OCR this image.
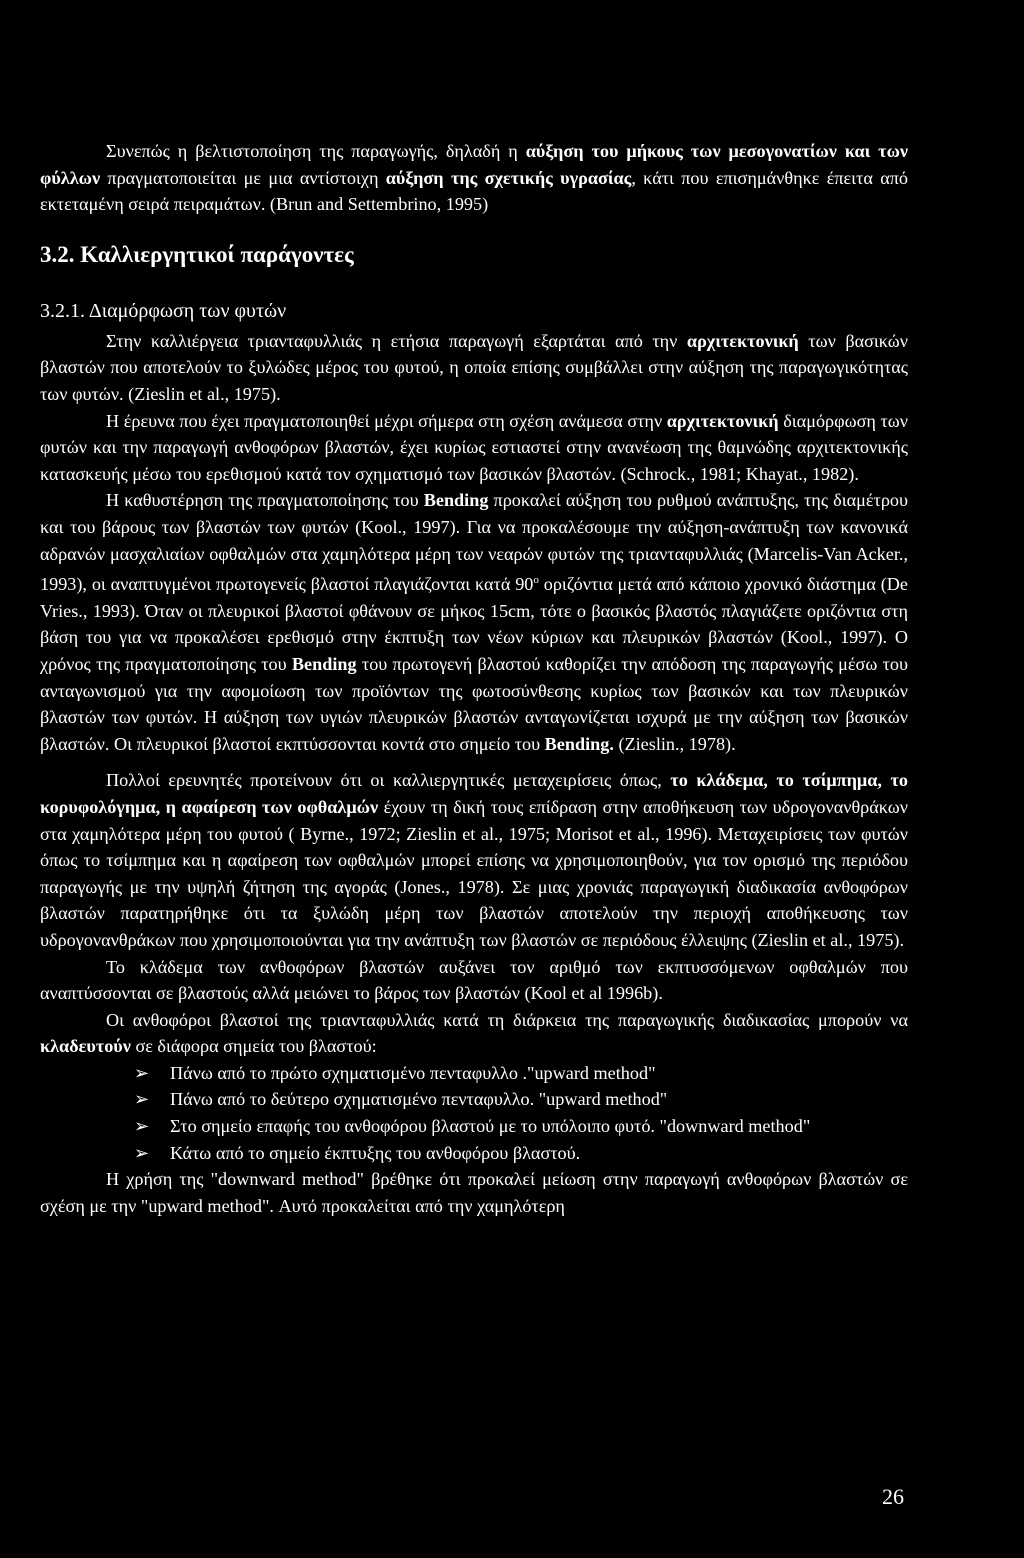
Συνεπώς η βελτιστοποίηση της παραγωγής, δηλαδή η αύξηση του μήκους των μεσογονατίων και των φύλλων πραγματοποιείται με μια αντίστοιχη αύξηση της σχετικής υγρασίας, κάτι που επισημάνθηκε έπειτα από εκτεταμένη σειρά πειραμάτων. (Brun and Settembrino, 1995)

3.2. Καλλιεργητικοί παράγοντες
3.2.1. Διαμόρφωση των φυτών

Στην καλλιέργεια τριανταφυλλιάς η ετήσια παραγωγή εξαρτάται από την αρχιτεκτονική των βασικών βλαστών που αποτελούν το ξυλώδες μέρος του φυτού, η οποία επίσης συμβάλλει στην αύξηση της παραγωγικότητας των φυτών. (Zieslin et al., 1975).

Η έρευνα που έχει πραγματοποιηθεί μέχρι σήμερα στη σχέση ανάμεσα στην αρχιτεκτονική διαμόρφωση των φυτών και την παραγωγή ανθοφόρων βλαστών, έχει κυρίως εστιαστεί στην ανανέωση της θαμνώδης αρχιτεκτονικής κατασκευής μέσω του ερεθισμού κατά τον σχηματισμό των βασικών βλαστών. (Schrock., 1981; Khayat., 1982).

Η καθυστέρηση της πραγματοποίησης του Bending προκαλεί αύξηση του ρυθμού ανάπτυξης, της διαμέτρου και του βάρους των βλαστών των φυτών (Kool., 1997). Για να προκαλέσουμε την αύξηση-ανάπτυξη των κανονικά αδρανών μασχαλιαίων οφθαλμών στα χαμηλότερα μέρη των νεαρών φυτών της τριανταφυλλιάς (Marcelis-Van Acker., 1993), οι αναπτυγμένοι πρωτογενείς βλαστοί πλαγιάζονται κατά 90$^o$ οριζόντια μετά από κάποιο χρονικό διάστημα (De Vries., 1993). Όταν οι πλευρικοί βλαστοί φθάνουν σε μήκος 15cm, τότε ο βασικός βλαστός πλαγιάζετε οριζόντια στη βάση του για να προκαλέσει ερεθισμό στην έκπτυξη των νέων κύριων και πλευρικών βλαστών (Kool., 1997). Ο χρόνος της πραγματοποίησης του Bending του πρωτογενή βλαστού καθορίζει την απόδοση της παραγωγής μέσω του ανταγωνισμού για την αφομοίωση των προϊόντων της φωτοσύνθεσης κυρίως των βασικών και των πλευρικών βλαστών των φυτών. Η αύξηση των υγιών πλευρικών βλαστών ανταγωνίζεται ισχυρά με την αύξηση των βασικών βλαστών. Οι πλευρικοί βλαστοί εκπτύσσονται κοντά στο σημείο του Bending. (Zieslin., 1978).

Πολλοί ερευνητές προτείνουν ότι οι καλλιεργητικές μεταχειρίσεις όπως, το κλάδεμα, το τσίμπημα, το κορυφολόγημα, η αφαίρεση των οφθαλμών έχουν τη δική τους επίδραση στην αποθήκευση των υδρογονανθράκων στα χαμηλότερα μέρη του φυτού ( Byrne., 1972; Zieslin et al., 1975; Morisot et al., 1996). Μεταχειρίσεις των φυτών όπως το τσίμπημα και η αφαίρεση των οφθαλμών μπορεί επίσης να χρησιμοποιηθούν, για τον ορισμό της περιόδου παραγωγής με την υψηλή ζήτηση της αγοράς (Jones., 1978). Σε μιας χρονιάς παραγωγική διαδικασία ανθοφόρων βλαστών παρατηρήθηκε ότι τα ξυλώδη μέρη των βλαστών αποτελούν την περιοχή αποθήκευσης των υδρογονανθράκων που χρησιμοποιούνται για την ανάπτυξη των βλαστών σε περιόδους έλλειψης (Zieslin et al., 1975).

Το κλάδεμα των ανθοφόρων βλαστών αυξάνει τον αριθμό των εκπτυσσόμενων οφθαλμών που αναπτύσσονται σε βλαστούς αλλά μειώνει το βάρος των βλαστών (Kool et al 1996b).

Οι ανθοφόροι βλαστοί της τριανταφυλλιάς κατά τη διάρκεια της παραγωγικής διαδικασίας μπορούν να κλαδευτούν σε διάφορα σημεία του βλαστού:

➢ Πάνω από το πρώτο σχηματισμένο πενταφυλλο ."upward method"
➢ Πάνω από το δεύτερο σχηματισμένο πενταφυλλο. "upward method"
➢ Στο σημείο επαφής του ανθοφόρου βλαστού με το υπόλοιπο φυτό. "downward method"
➢ Κάτω από το σημείο έκπτυξης του ανθοφόρου βλαστού.

Η χρήση της "downward method" βρέθηκε ότι προκαλεί μείωση στην παραγωγή ανθοφόρων βλαστών σε σχέση με την "upward method". Αυτό προκαλείται από την χαμηλότερη

26
